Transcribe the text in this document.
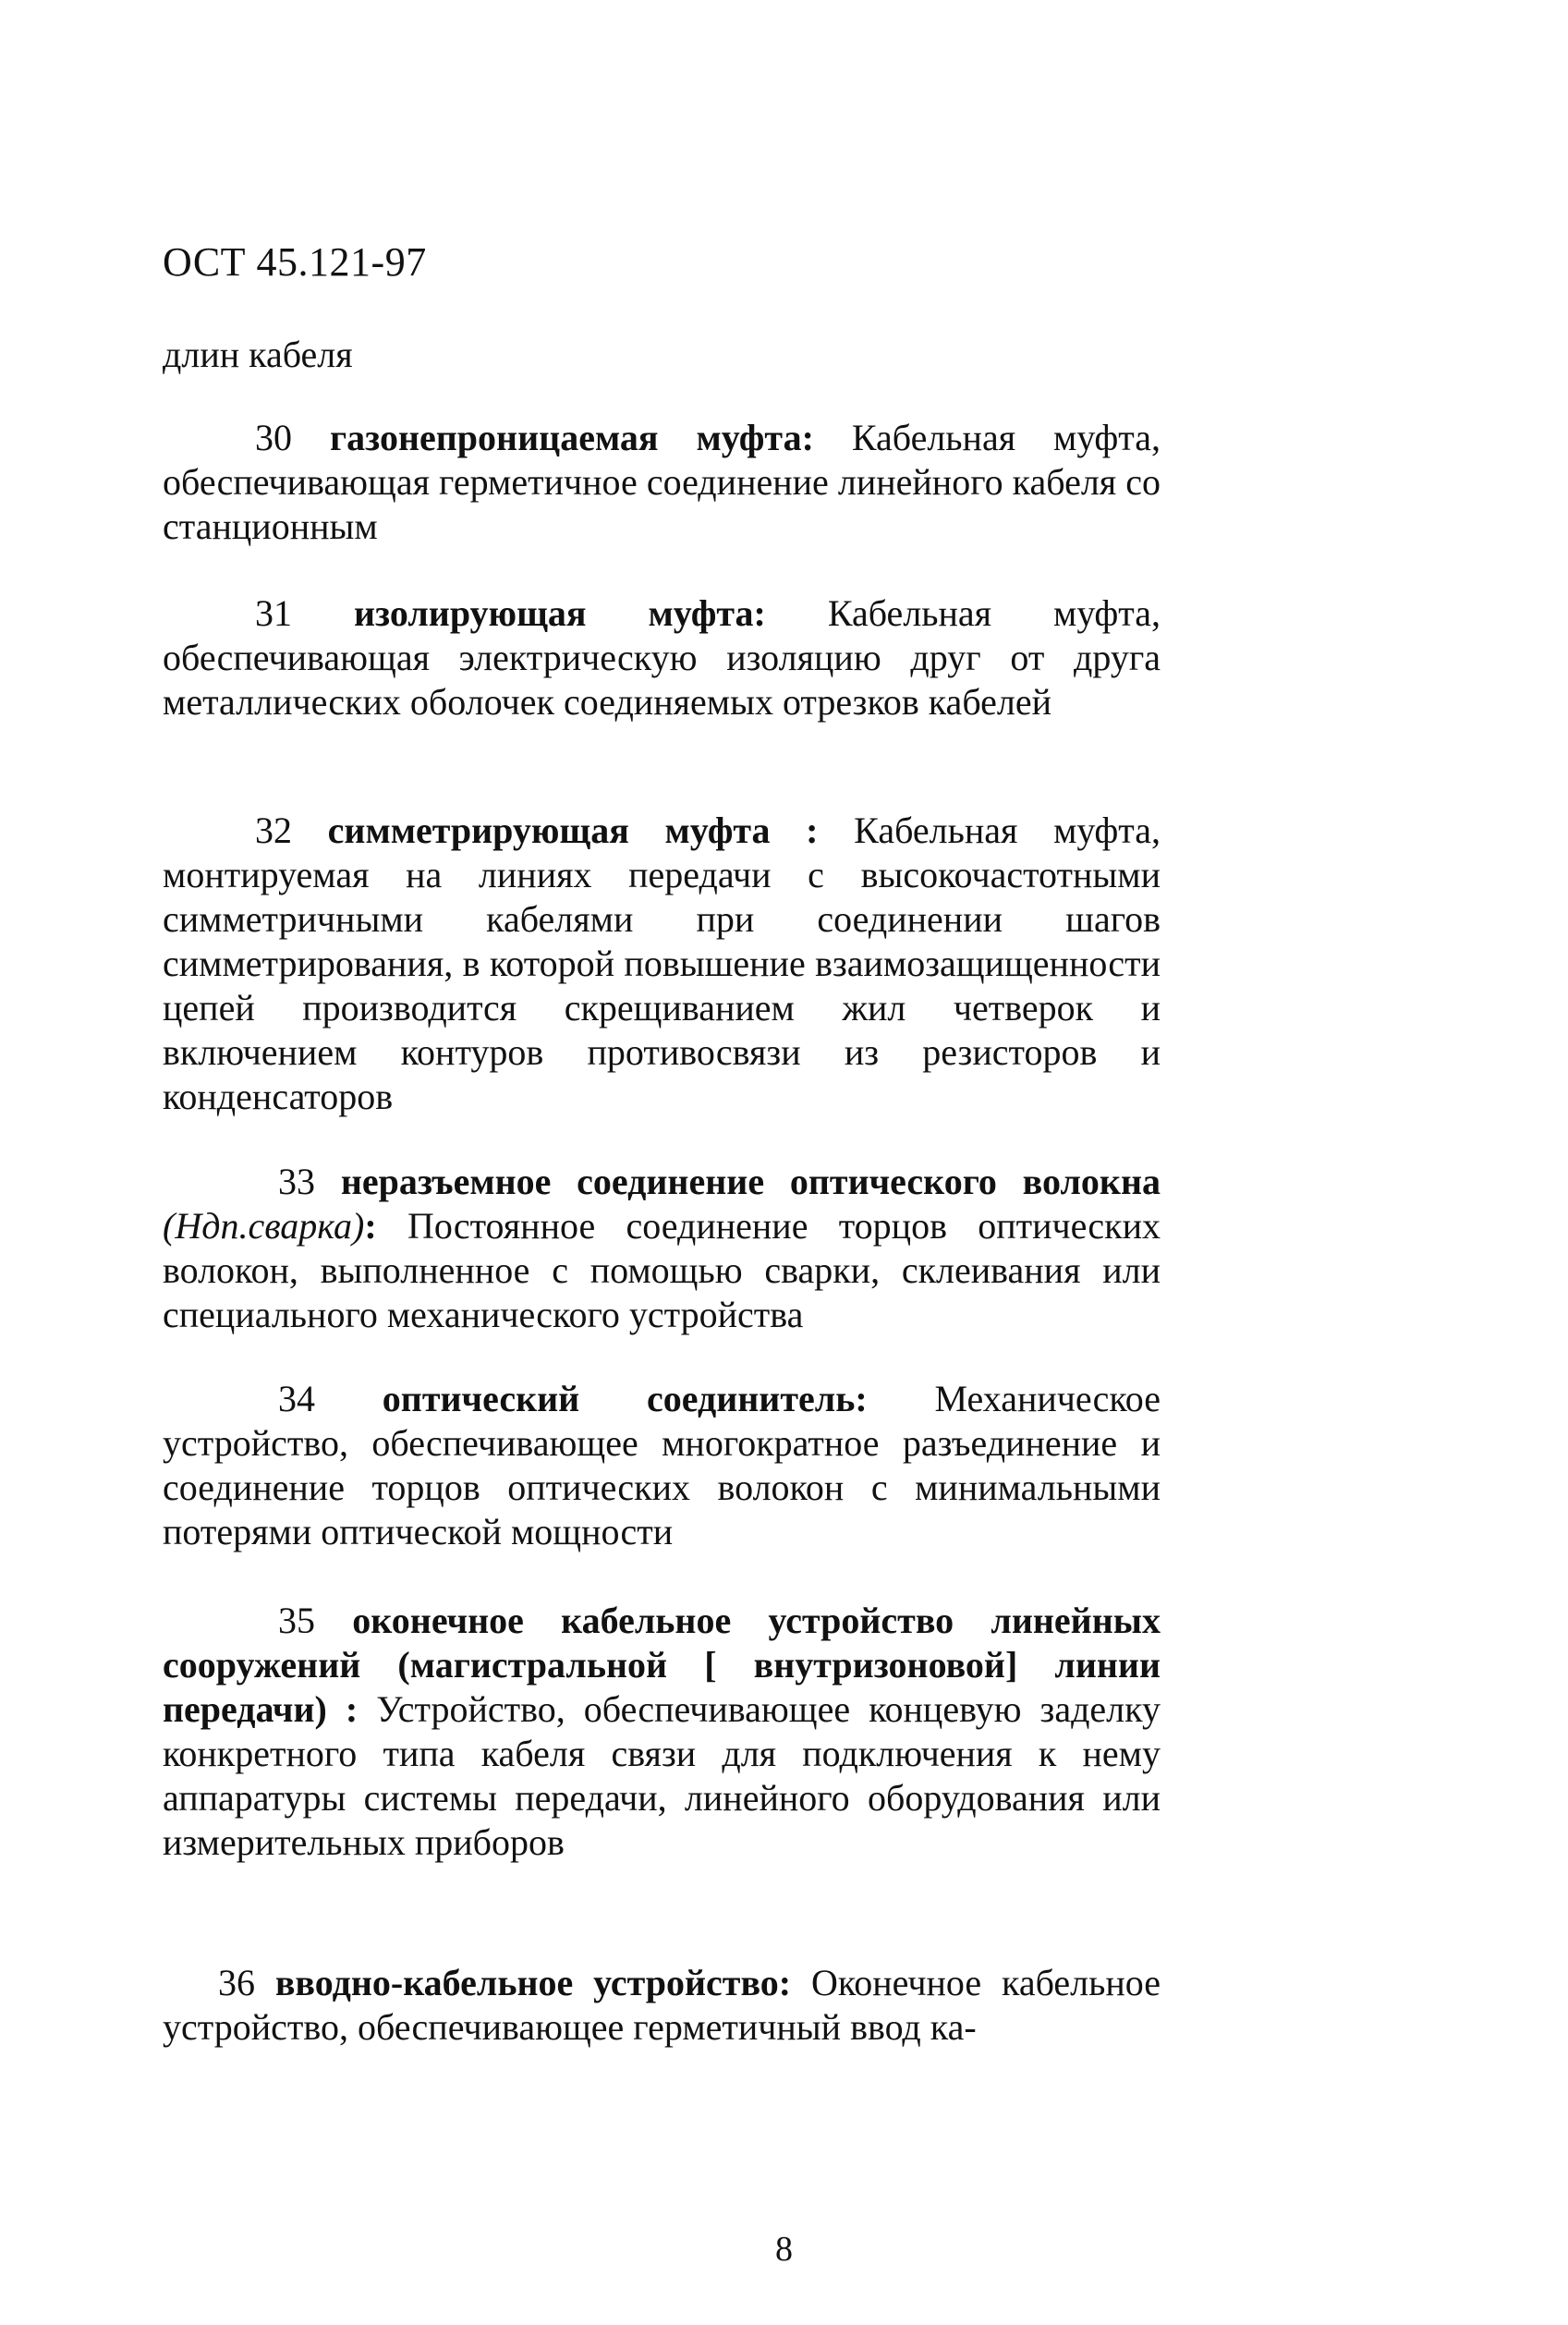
ОСТ 45.121-97
длин кабеля
30 газонепроницаемая муфта: Кабельная муфта, обеспечивающая герметичное соединение линейного кабеля со станционным
31 изолирующая муфта: Кабельная муфта, обеспечивающая электрическую изоляцию друг от друга металлических оболочек соединяемых отрезков кабелей
32 симметрирующая муфта : Кабельная муфта, монтируемая на линиях передачи с высокочастотными симметричными кабелями при соединении шагов симметрирования, в которой повышение взаимозащищенности цепей производится скрещиванием жил четверок и включением контуров противосвязи из резисторов и конденсаторов
33 неразъемное соединение оптического волокна (Ндп.сварка): Постоянное соединение торцов оптических волокон, выполненное с помощью сварки, склеивания или специального механического устройства
34 оптический соединитель: Механическое устройство, обеспечивающее многократное разъединение и соединение торцов оптических волокон с минимальными потерями оптической мощности
35 оконечное кабельное устройство линейных сооружений (магистральной [ внутризоновой] линии передачи) : Устройство, обеспечивающее концевую заделку конкретного типа кабеля связи для подключения к нему аппаратуры системы передачи, линейного оборудования или измерительных приборов
36 вводно-кабельное устройство: Оконечное кабельное устройство, обеспечивающее герметичный ввод ка-
8
